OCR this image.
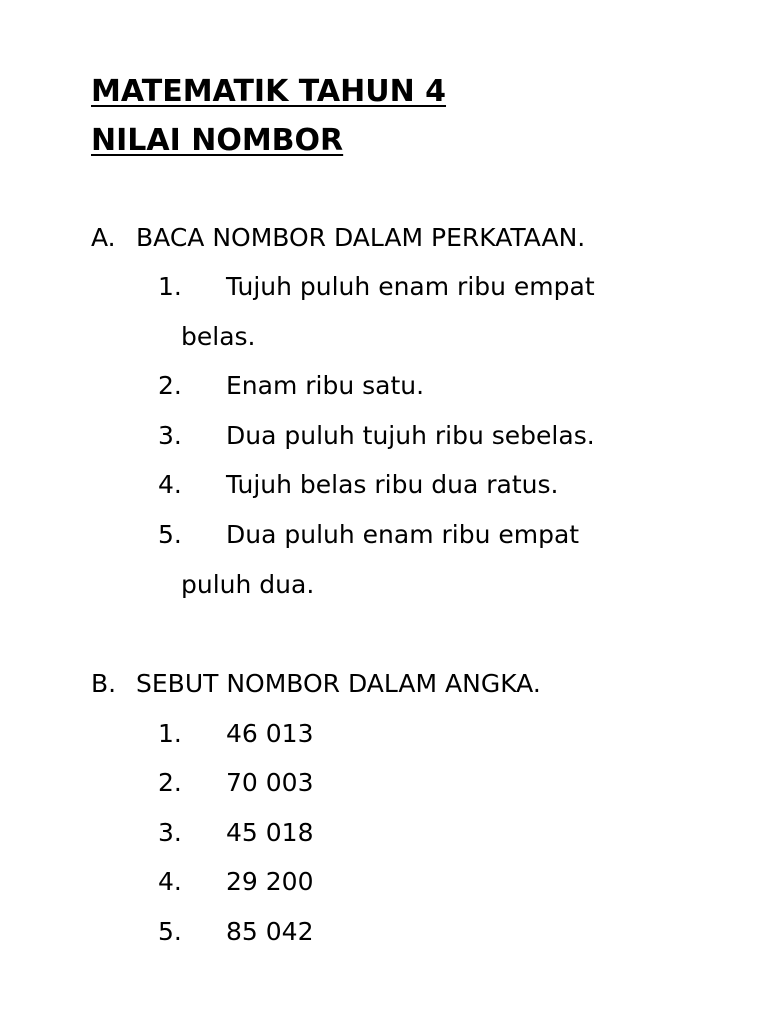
MATEMATIK TAHUN 4
NILAI NOMBOR
A. BACA NOMBOR DALAM PERKATAAN.
1. Tujuh puluh enam ribu empat
belas.
2. Enam ribu satu.
3. Dua puluh tujuh ribu sebelas.
4. Tujuh belas ribu dua ratus.
5. Dua puluh enam ribu empat
puluh dua.
B. SEBUT NOMBOR DALAM ANGKA.
1. 46 013
2. 70 003
3. 45 018
4. 29 200
5. 85 042
